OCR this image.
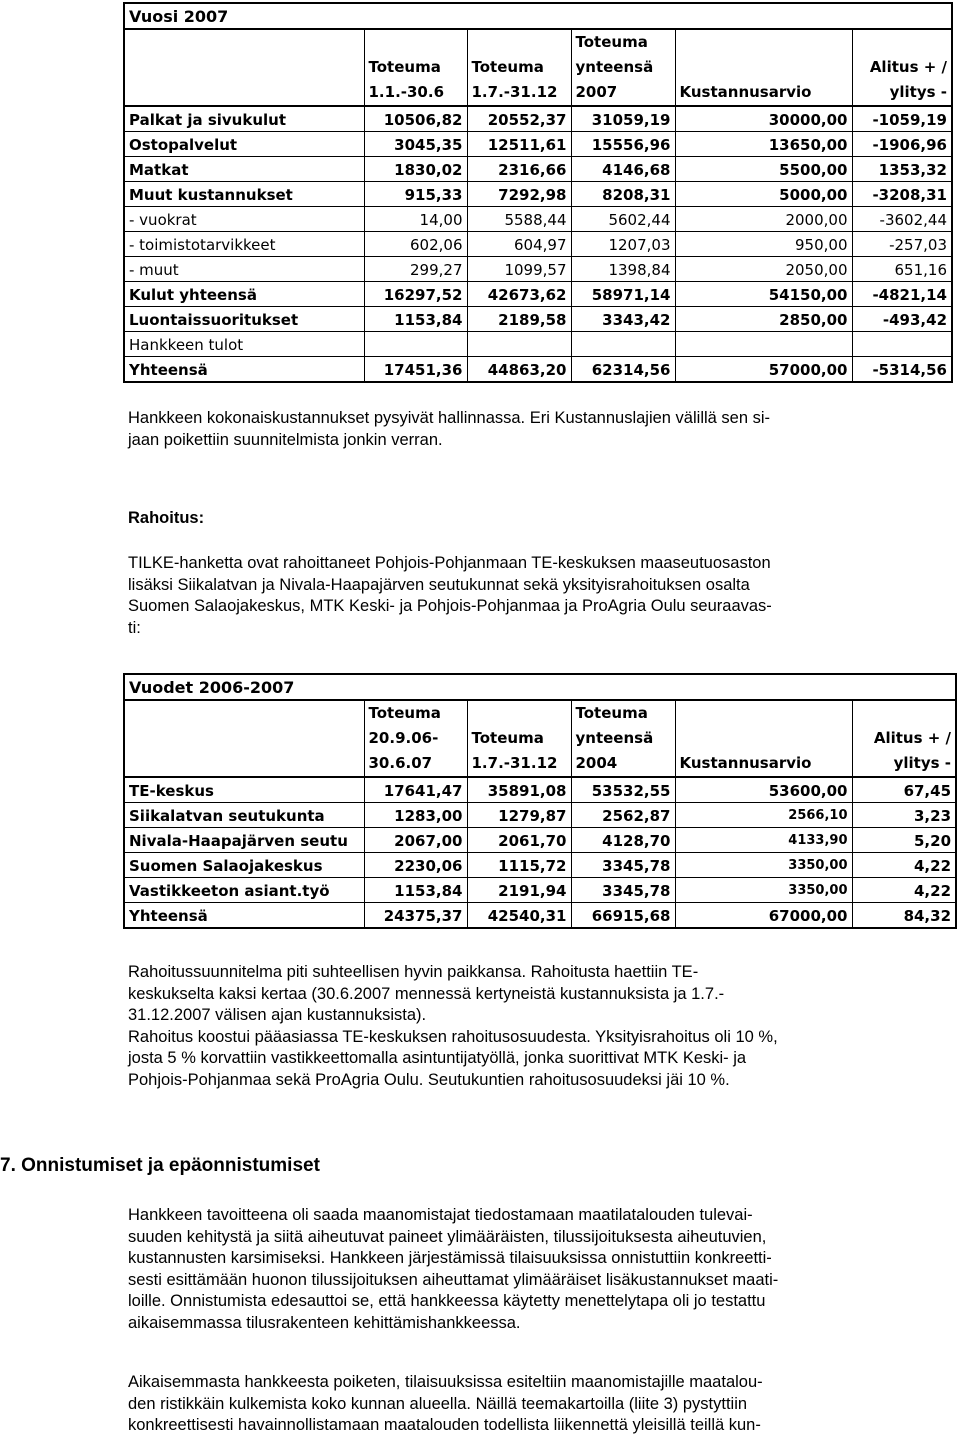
Vuosi 2007					
			Toteuma		
	Toteuma	Toteuma	ynteensä		Alitus + /
	1.1.-30.6	1.7.-31.12	2007	Kustannusarvio	ylitys -
Palkat ja sivukulut	10506,82	20552,37	31059,19	30000,00	-1059,19
Ostopalvelut	3045,35	12511,61	15556,96	13650,00	-1906,96
Matkat	1830,02	2316,66	4146,68	5500,00	1353,32
Muut kustannukset	915,33	7292,98	8208,31	5000,00	-3208,31
- vuokrat	14,00	5588,44	5602,44	2000,00	-3602,44
- toimistotarvikkeet	602,06	604,97	1207,03	950,00	-257,03
- muut	299,27	1099,57	1398,84	2050,00	651,16
Kulut yhteensä	16297,52	42673,62	58971,14	54150,00	-4821,14
Luontaissuoritukset	1153,84	2189,58	3343,42	2850,00	-493,42
Hankkeen tulot					
Yhteensä	17451,36	44863,20	62314,56	57000,00	-5314,56
Hankkeen kokonaiskustannukset pysyivät hallinnassa. Eri Kustannuslajien välillä sen si-
jaan poikettiin suunnitelmista jonkin verran.
Rahoitus:
TILKE-hanketta ovat rahoittaneet Pohjois-Pohjanmaan TE-keskuksen maaseutuosaston
lisäksi Siikalatvan ja Nivala-Haapajärven seutukunnat sekä yksityisrahoituksen osalta
Suomen Salaojakeskus, MTK Keski- ja Pohjois-Pohjanmaa ja ProAgria Oulu seuraavas-
ti:
Vuodet 2006-2007					
	Toteuma		Toteuma		
	20.9.06-	Toteuma	ynteensä		Alitus + /
	30.6.07	1.7.-31.12	2004	Kustannusarvio	ylitys -
TE-keskus	17641,47	35891,08	53532,55	53600,00	67,45
Siikalatvan seutukunta	1283,00	1279,87	2562,87	2566,10	3,23
Nivala-Haapajärven seutu	2067,00	2061,70	4128,70	4133,90	5,20
Suomen Salaojakeskus	2230,06	1115,72	3345,78	3350,00	4,22
Vastikkeeton asiant.työ	1153,84	2191,94	3345,78	3350,00	4,22
Yhteensä	24375,37	42540,31	66915,68	67000,00	84,32
Rahoitussuunnitelma piti suhteellisen hyvin paikkansa. Rahoitusta haettiin TE-
keskukselta kaksi kertaa (30.6.2007 mennessä kertyneistä kustannuksista ja 1.7.-
31.12.2007 välisen ajan kustannuksista).
Rahoitus koostui pääasiassa TE-keskuksen rahoitusosuudesta. Yksityisrahoitus oli 10 %,
josta 5 % korvattiin vastikkeettomalla asintuntijatyöllä, jonka suorittivat MTK Keski- ja
Pohjois-Pohjanmaa sekä ProAgria Oulu. Seutukuntien rahoitusosuudeksi jäi 10 %.
7. Onnistumiset ja epäonnistumiset
Hankkeen tavoitteena oli saada maanomistajat tiedostamaan maatilatalouden tulevai-
suuden kehitystä ja siitä aiheutuvat paineet ylimääräisten, tilussijoituksesta aiheutuvien,
kustannusten karsimiseksi. Hankkeen järjestämissä tilaisuuksissa onnistuttiin konkreetti-
sesti esittämään huonon tilussijoituksen aiheuttamat ylimääräiset lisäkustannukset maati-
loille. Onnistumista edesauttoi se, että hankkeessa käytetty menettelytapa oli jo testattu
aikaisemmassa tilusrakenteen kehittämishankkeessa.
Aikaisemmasta hankkeesta poiketen, tilaisuuksissa esiteltiin maanomistajille maatalou-
den ristikkäin kulkemista koko kunnan alueella. Näillä teemakartoilla (liite 3) pystyttiin
konkreettisesti havainnollistamaan maatalouden todellista liikennettä yleisillä teillä kun-
